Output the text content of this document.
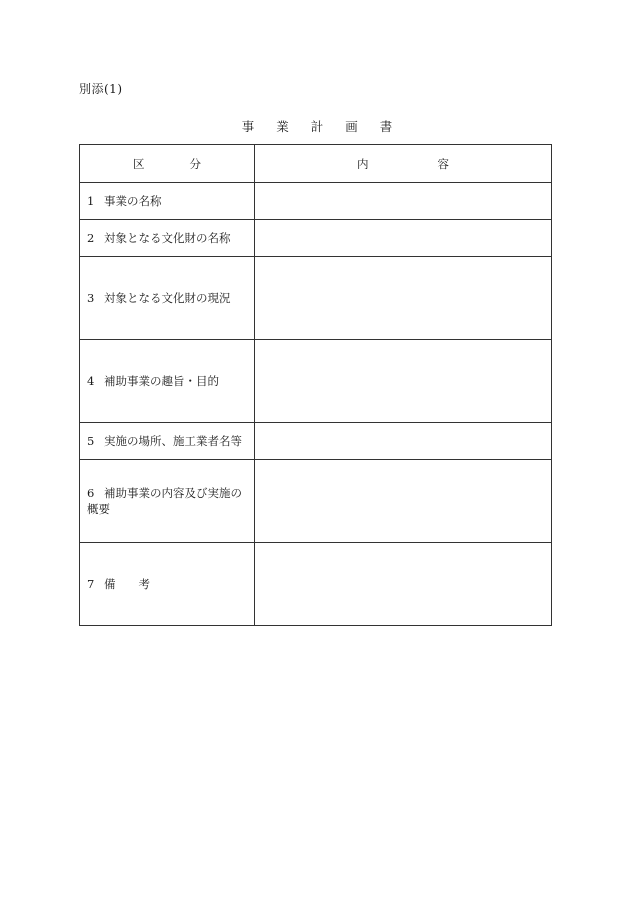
別添(1)
事 業 計 画 書
区 分	内 容

1 事業の名称	
2 対象となる文化財の名称	
3 対象となる文化財の現況	
4 補助事業の趣旨・目的	
5 実施の場所、施工業者名等	

6 補助事業の内容及び実施の
概要	

7 備 考	
